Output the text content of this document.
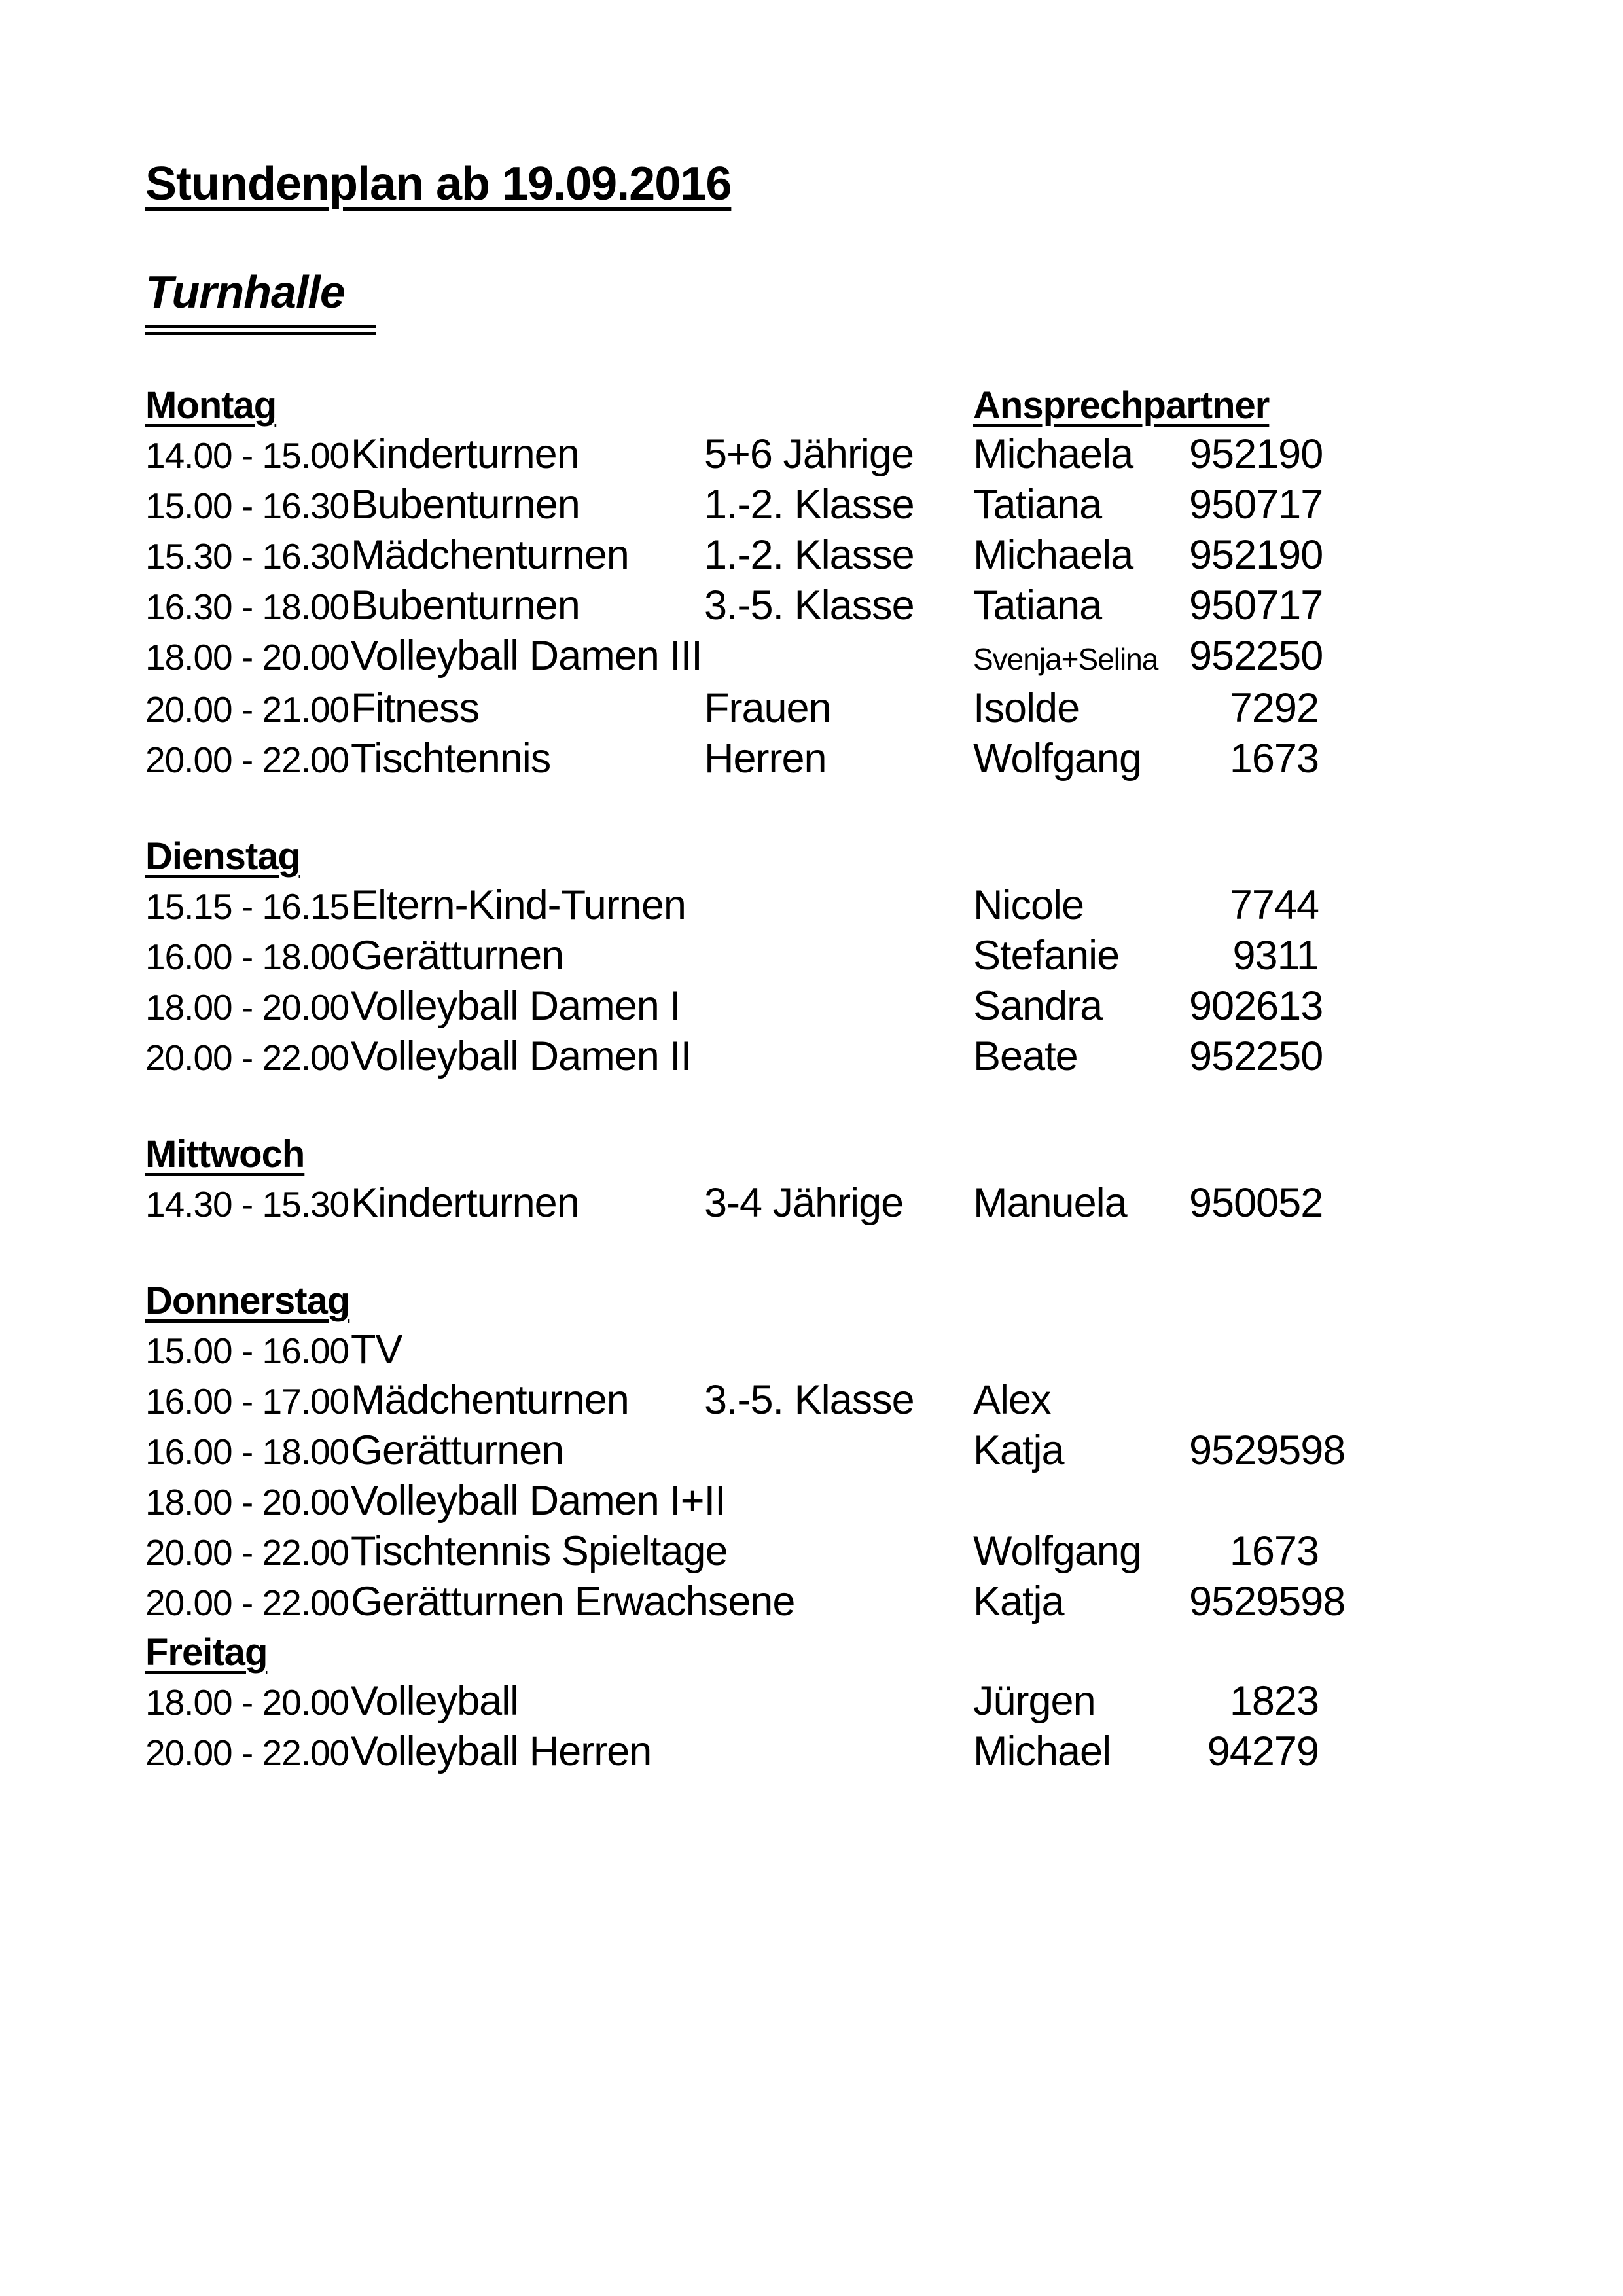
Stundenplan ab 19.09.2016
Turnhalle
Montag	Ansprechpartner
14.00 - 15.00 Kinderturnen	5+6 Jährige	Michaela	952190
15.00 - 16.30 Bubenturnen	1.-2. Klasse	Tatiana	950717
15.30 - 16.30 Mädchenturnen	1.-2. Klasse	Michaela	952190
16.30 - 18.00 Bubenturnen	3.-5. Klasse	Tatiana	950717
18.00 - 20.00 Volleyball Damen III	Svenja+Selina 952250
20.00 - 21.00 Fitness	Frauen	Isolde	7292
20.00 - 22.00 Tischtennis	Herren	Wolfgang	1673
Dienstag
15.15 - 16.15 Eltern-Kind-Turnen	Nicole	7744
16.00 - 18.00 Gerätturnen	Stefanie	9311
18.00 - 20.00 Volleyball Damen I	Sandra	902613
20.00 - 22.00 Volleyball Damen II	Beate	952250
Mittwoch
14.30 - 15.30 Kinderturnen	3-4 Jährige	Manuela	950052
Donnerstag
15.00 - 16.00 TV
16.00 - 17.00 Mädchenturnen	3.-5. Klasse	Alex
16.00 - 18.00 Gerätturnen	Katja	9529598
18.00 - 20.00 Volleyball Damen I+II
20.00 - 22.00 Tischtennis Spieltage	Wolfgang	1673
20.00 - 22.00 Gerätturnen Erwachsene	Katja	9529598
Freitag
18.00 - 20.00 Volleyball	Jürgen	1823
20.00 - 22.00 Volleyball Herren	Michael	94279
